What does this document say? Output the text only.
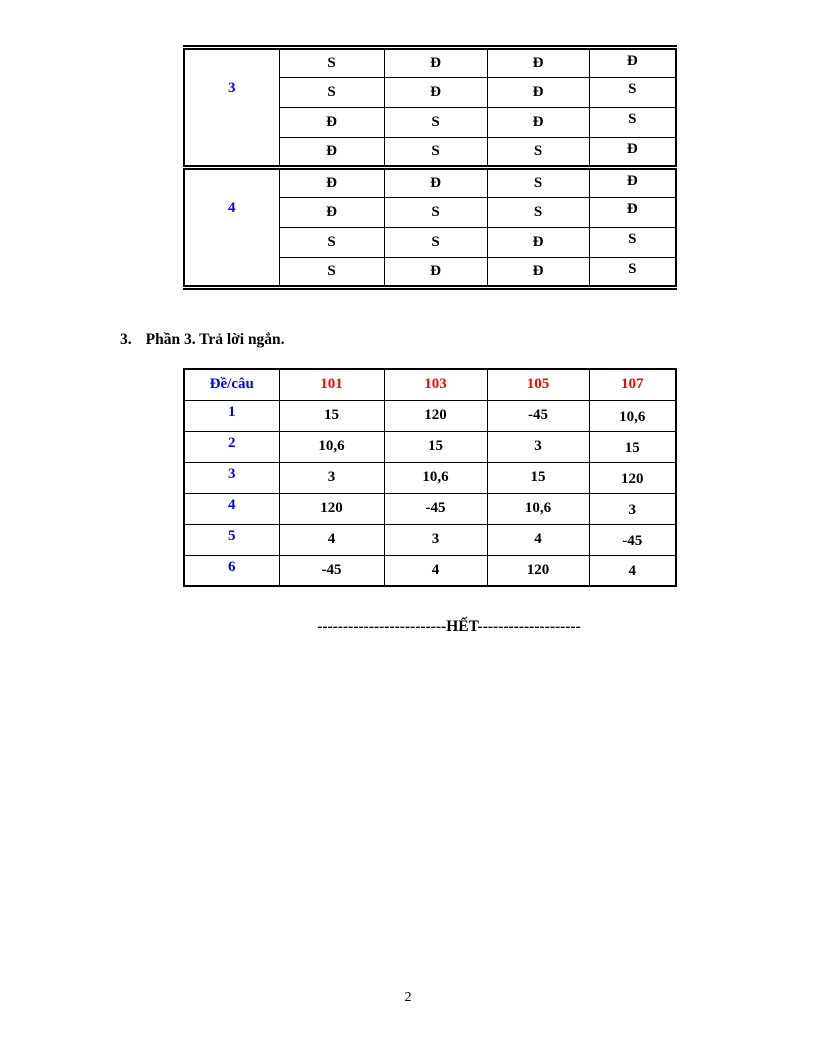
3	S	Đ	Đ	Đ
	S	Đ	Đ	S
	Đ	S	Đ	S
	Đ	S	S	Đ
4	Đ	Đ	S	Đ
	Đ	S	S	Đ
	S	S	Đ	S
	S	Đ	Đ	S
3. Phần 3. Trả lời ngắn.
Đề/câu	101	103	105	107
1	15	120	-45	10,6
2	10,6	15	3	15
3	3	10,6	15	120
4	120	-45	10,6	3
5	4	3	4	-45
6	-45	4	120	4
-------------------------HẾT--------------------
2
